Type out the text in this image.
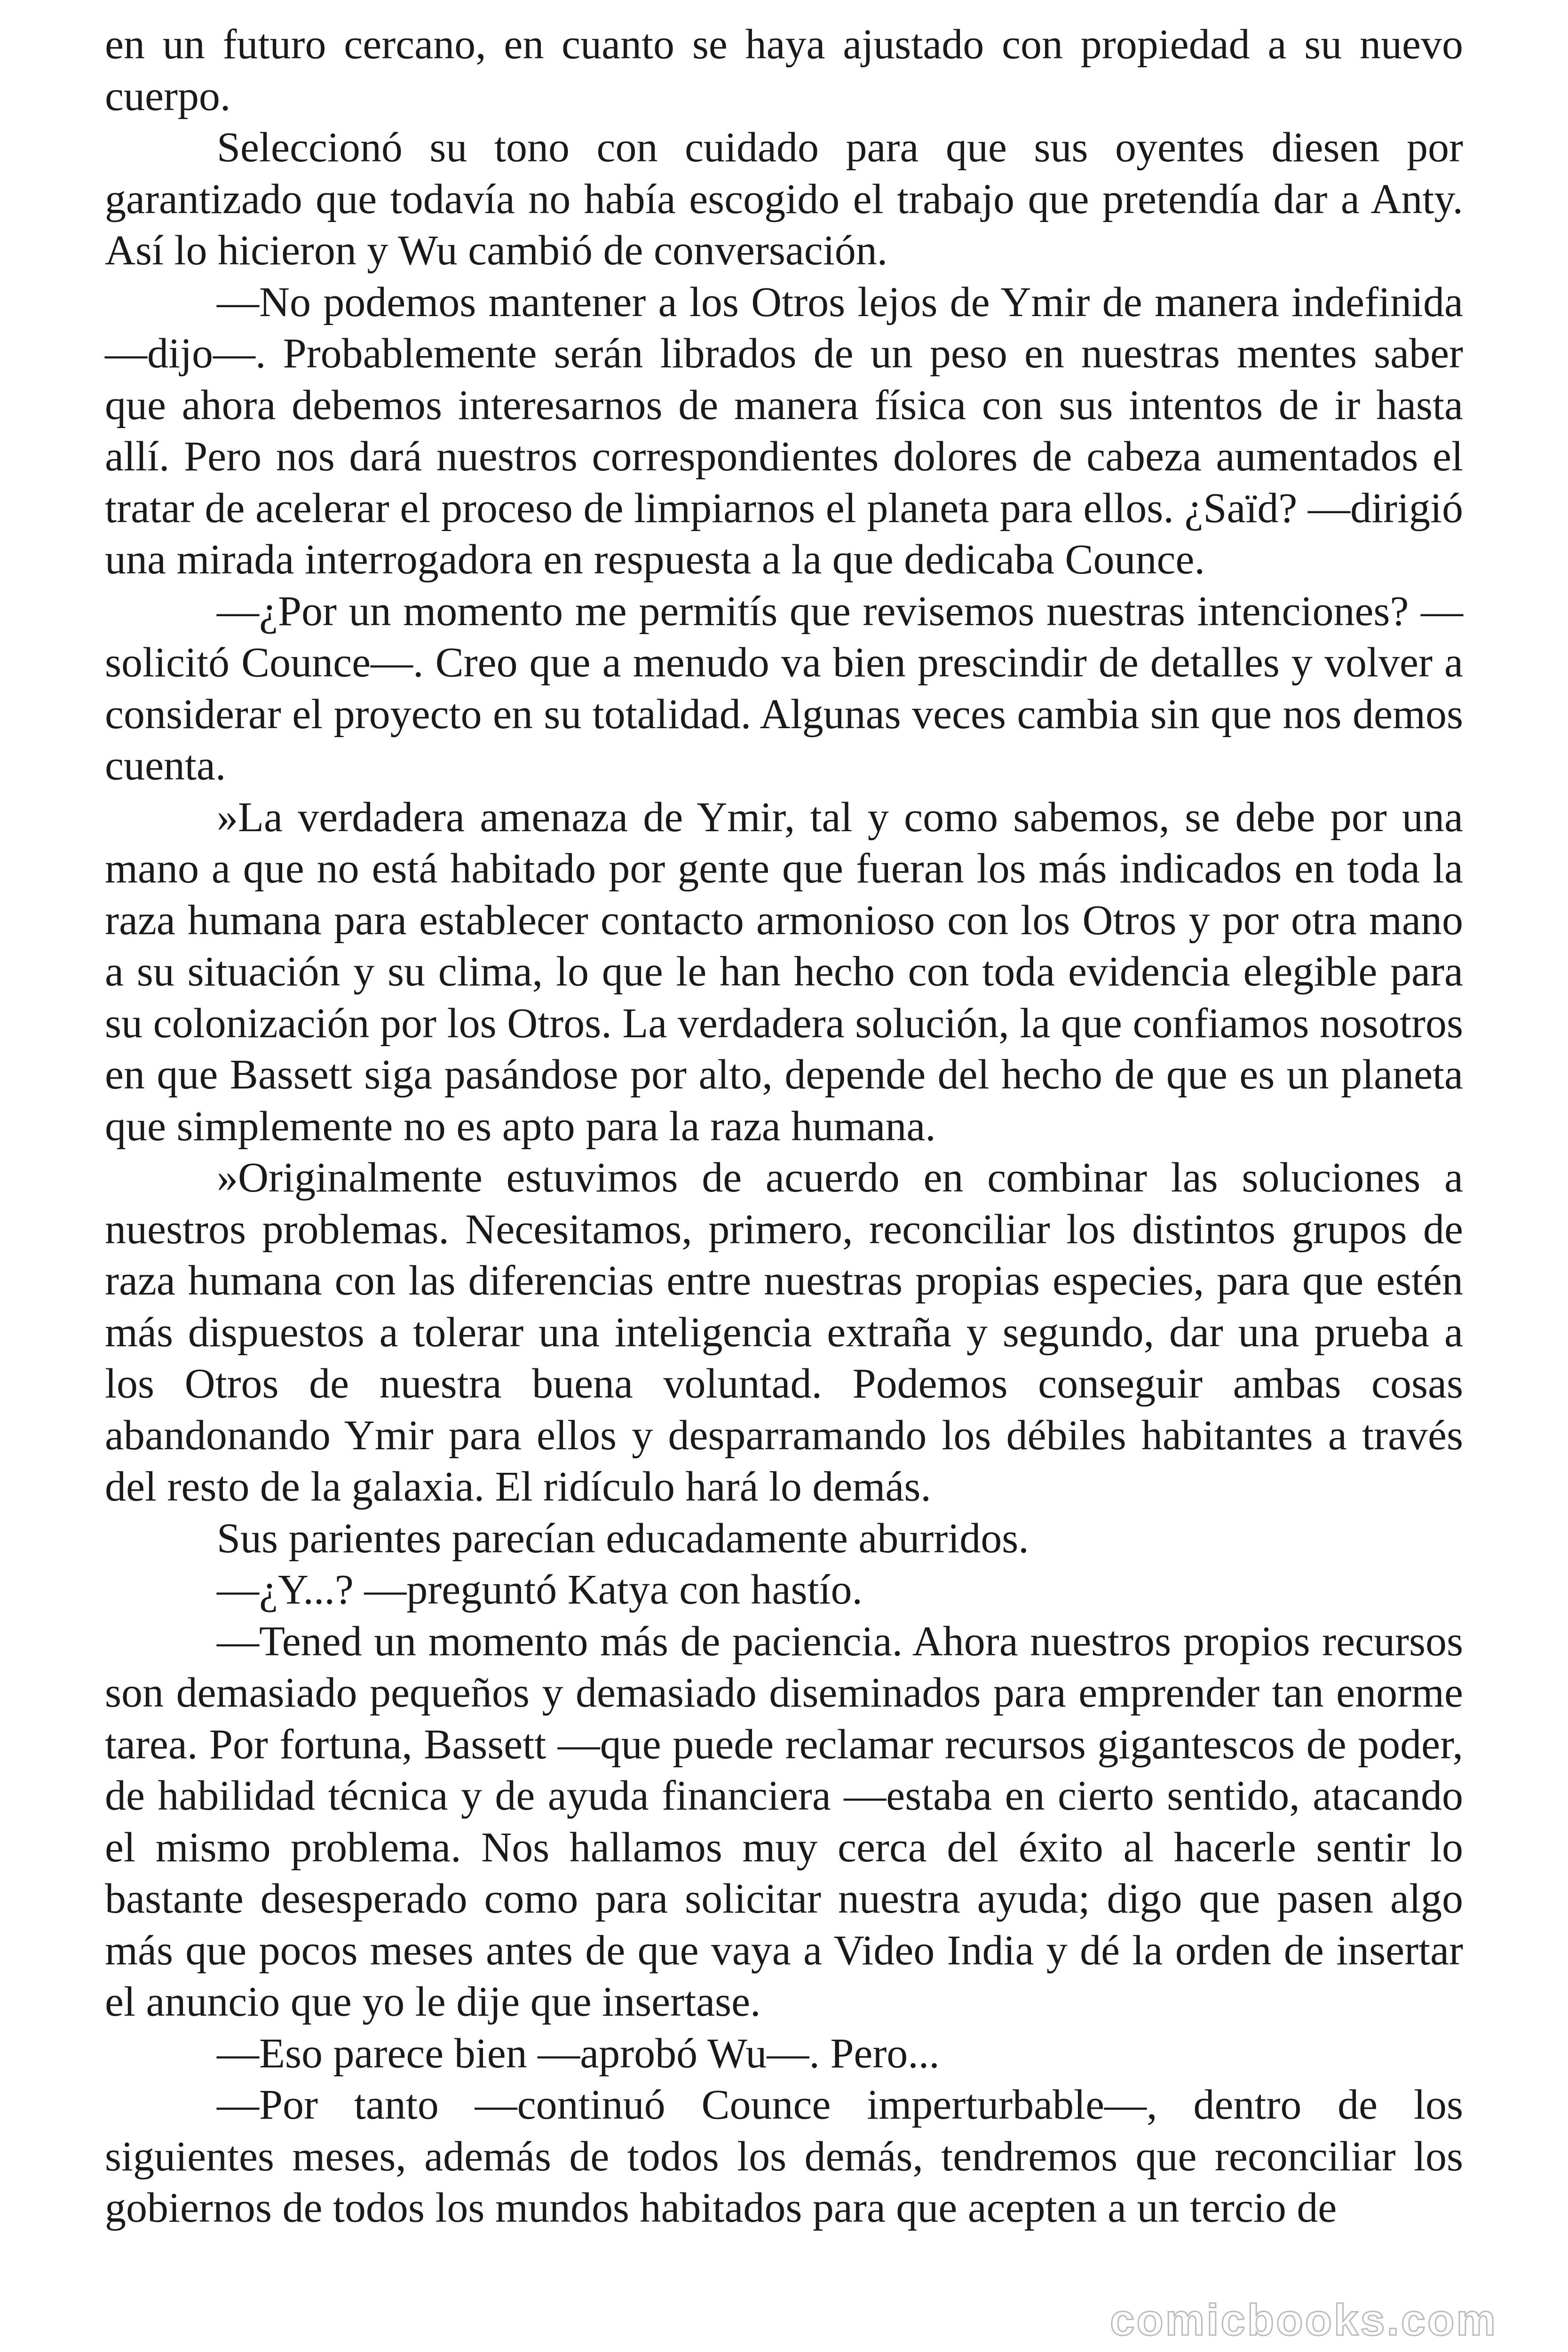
en un futuro cercano, en cuanto se haya ajustado con propiedad a su nuevo cuerpo.

Seleccionó su tono con cuidado para que sus oyentes diesen por garantizado que todavía no había escogido el trabajo que pretendía dar a Anty. Así lo hicieron y Wu cambió de conversación.

—No podemos mantener a los Otros lejos de Ymir de manera indefinida —dijo—. Probablemente serán librados de un peso en nuestras mentes saber que ahora debemos interesarnos de manera física con sus intentos de ir hasta allí. Pero nos dará nuestros correspondientes dolores de cabeza aumentados el tratar de acelerar el proceso de limpiarnos el planeta para ellos. ¿Saïd? —dirigió una mirada interrogadora en respuesta a la que dedicaba Counce.

—¿Por un momento me permitís que revisemos nuestras intenciones? —solicitó Counce—. Creo que a menudo va bien prescindir de detalles y volver a considerar el proyecto en su totalidad. Algunas veces cambia sin que nos demos cuenta.

»La verdadera amenaza de Ymir, tal y como sabemos, se debe por una mano a que no está habitado por gente que fueran los más indicados en toda la raza humana para establecer contacto armonioso con los Otros y por otra mano a su situación y su clima, lo que le han hecho con toda evidencia elegible para su colonización por los Otros. La verdadera solución, la que confiamos nosotros en que Bassett siga pasándose por alto, depende del hecho de que es un planeta que simplemente no es apto para la raza humana.

»Originalmente estuvimos de acuerdo en combinar las soluciones a nuestros problemas. Necesitamos, primero, reconciliar los distintos grupos de raza humana con las diferencias entre nuestras propias especies, para que estén más dispuestos a tolerar una inteligencia extraña y segundo, dar una prueba a los Otros de nuestra buena voluntad. Podemos conseguir ambas cosas abandonando Ymir para ellos y desparramando los débiles habitantes a través del resto de la galaxia. El ridículo hará lo demás.

Sus parientes parecían educadamente aburridos.

—¿Y...? —preguntó Katya con hastío.

—Tened un momento más de paciencia. Ahora nuestros propios recursos son demasiado pequeños y demasiado diseminados para emprender tan enorme tarea. Por fortuna, Bassett —que puede reclamar recursos gigantescos de poder, de habilidad técnica y de ayuda financiera —estaba en cierto sentido, atacando el mismo problema. Nos hallamos muy cerca del éxito al hacerle sentir lo bastante desesperado como para solicitar nuestra ayuda; digo que pasen algo más que pocos meses antes de que vaya a Video India y dé la orden de insertar el anuncio que yo le dije que insertase.

—Eso parece bien —aprobó Wu—. Pero...

—Por tanto —continuó Counce imperturbable—, dentro de los siguientes meses, además de todos los demás, tendremos que reconciliar los gobiernos de todos los mundos habitados para que acepten a un tercio de

comicbooks.com
